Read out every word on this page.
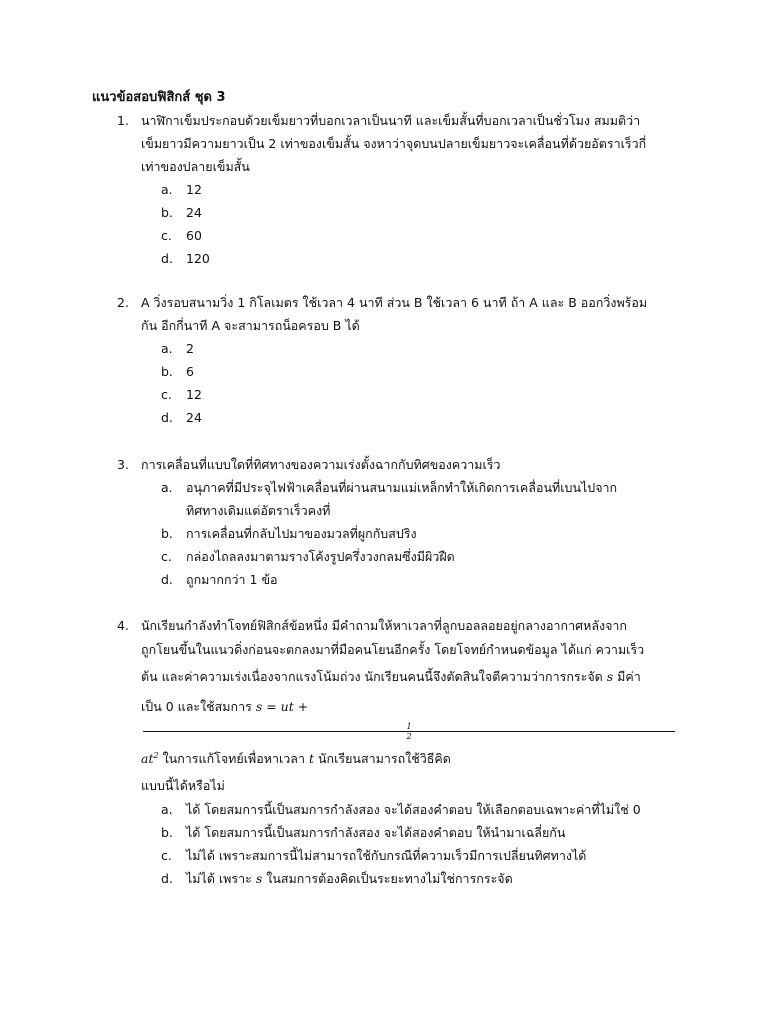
แนวข้อสอบฟิสิกส์ ชุด 3
1. นาฬิกาเข็มประกอบด้วยเข็มยาวที่บอกเวลาเป็นนาที และเข็มสั้นที่บอกเวลาเป็นชั่วโมง สมมติว่า
เข็มยาวมีความยาวเป็น 2 เท่าของเข็มสั้น จงหาว่าจุดบนปลายเข็มยาวจะเคลื่อนที่ด้วยอัตราเร็วกี่
เท่าของปลายเข็มสั้น
a. 12
b. 24
c. 60
d. 120
2. A วิ่งรอบสนามวิ่ง 1 กิโลเมตร ใช้เวลา 4 นาที ส่วน B ใช้เวลา 6 นาที ถ้า A และ B ออกวิ่งพร้อม
กัน อีกกี่นาที A จะสามารถน็อครอบ B ได้
a. 2
b. 6
c. 12
d. 24
3. การเคลื่อนที่แบบใดที่ทิศทางของความเร่งตั้งฉากกับทิศของความเร็ว
a. อนุภาคที่มีประจุไฟฟ้าเคลื่อนที่ผ่านสนามแม่เหล็กทำให้เกิดการเคลื่อนที่เบนไปจาก
ทิศทางเดิมแต่อัตราเร็วคงที่
b. การเคลื่อนที่กลับไปมาของมวลที่ผูกกับสปริง
c. กล่องไถลลงมาตามรางโค้งรูปครึ่งวงกลมซึ่งมีผิวฝืด
d. ถูกมากกว่า 1 ข้อ
4. นักเรียนกำลังทำโจทย์ฟิสิกส์ข้อหนึ่ง มีคำถามให้หาเวลาที่ลูกบอลลอยอยู่กลางอากาศหลังจาก
ถูกโยนขึ้นในแนวดิ่งก่อนจะตกลงมาที่มือคนโยนอีกครั้ง โดยโจทย์กำหนดข้อมูล ได้แก่ ความเร็ว
ต้น และค่าความเร่งเนื่องจากแรงโน้มถ่วง นักเรียนคนนี้จึงตัดสินใจตีความว่าการกระจัด s มีค่า
เป็น 0 และใช้สมการ s = ut +
1
2
$at^2$ ในการแก้โจทย์เพื่อหาเวลา t นักเรียนสามารถใช้วิธีคิด
แบบนี้ได้หรือไม่
a. ได้ โดยสมการนี้เป็นสมการกำลังสอง จะได้สองคำตอบ ให้เลือกตอบเฉพาะค่าที่ไม่ใช่ 0
b. ได้ โดยสมการนี้เป็นสมการกำลังสอง จะได้สองคำตอบ ให้นำมาเฉลี่ยกัน
c. ไม่ได้ เพราะสมการนี้ไม่สามารถใช้กับกรณีที่ความเร็วมีการเปลี่ยนทิศทางได้
d. ไม่ได้ เพราะ s ในสมการต้องคิดเป็นระยะทางไม่ใช่การกระจัด
